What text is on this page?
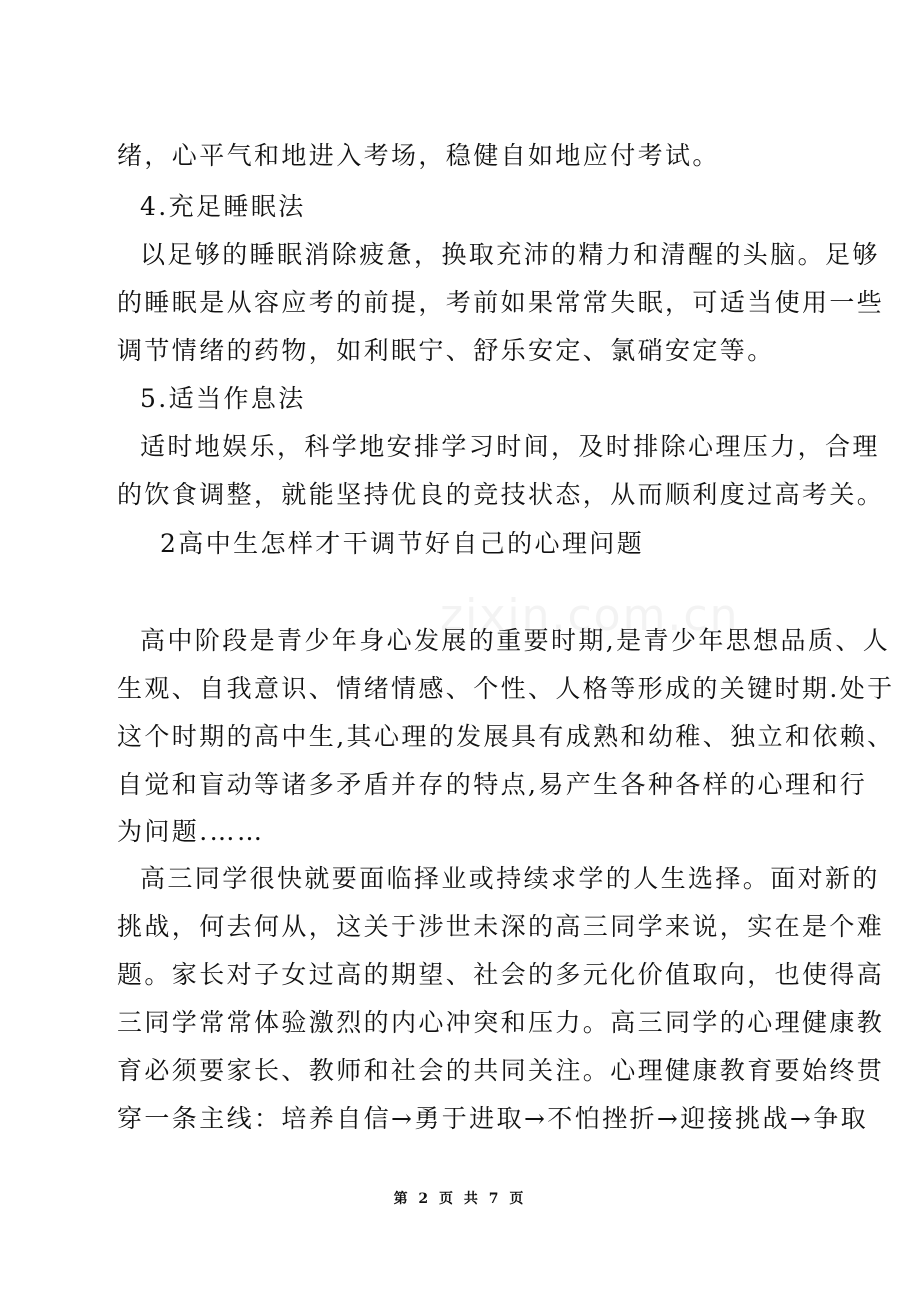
zixin.com.cn
绪，心平气和地进入考场，稳健自如地应付考试。
4.充足睡眠法
以足够的睡眠消除疲惫，换取充沛的精力和清醒的头脑。足够
的睡眠是从容应考的前提，考前如果常常失眠，可适当使用一些
调节情绪的药物，如利眠宁、舒乐安定、氯硝安定等。
5.适当作息法
适时地娱乐，科学地安排学习时间，及时排除心理压力，合理
的饮食调整，就能坚持优良的竞技状态，从而顺利度过高考关。
2高中生怎样才干调节好自己的心理问题
高中阶段是青少年身心发展的重要时期,是青少年思想品质、人
生观、自我意识、情绪情感、个性、人格等形成的关键时期.处于
这个时期的高中生,其心理的发展具有成熟和幼稚、独立和依赖、
自觉和盲动等诸多矛盾并存的特点,易产生各种各样的心理和行
为问题.……
高三同学很快就要面临择业或持续求学的人生选择。面对新的
挑战，何去何从，这关于涉世未深的高三同学来说，实在是个难
题。家长对子女过高的期望、社会的多元化价值取向，也使得高
三同学常常体验激烈的内心冲突和压力。高三同学的心理健康教
育必须要家长、教师和社会的共同关注。心理健康教育要始终贯
穿一条主线：培养自信→勇于进取→不怕挫折→迎接挑战→争取
第 2 页 共 7 页
